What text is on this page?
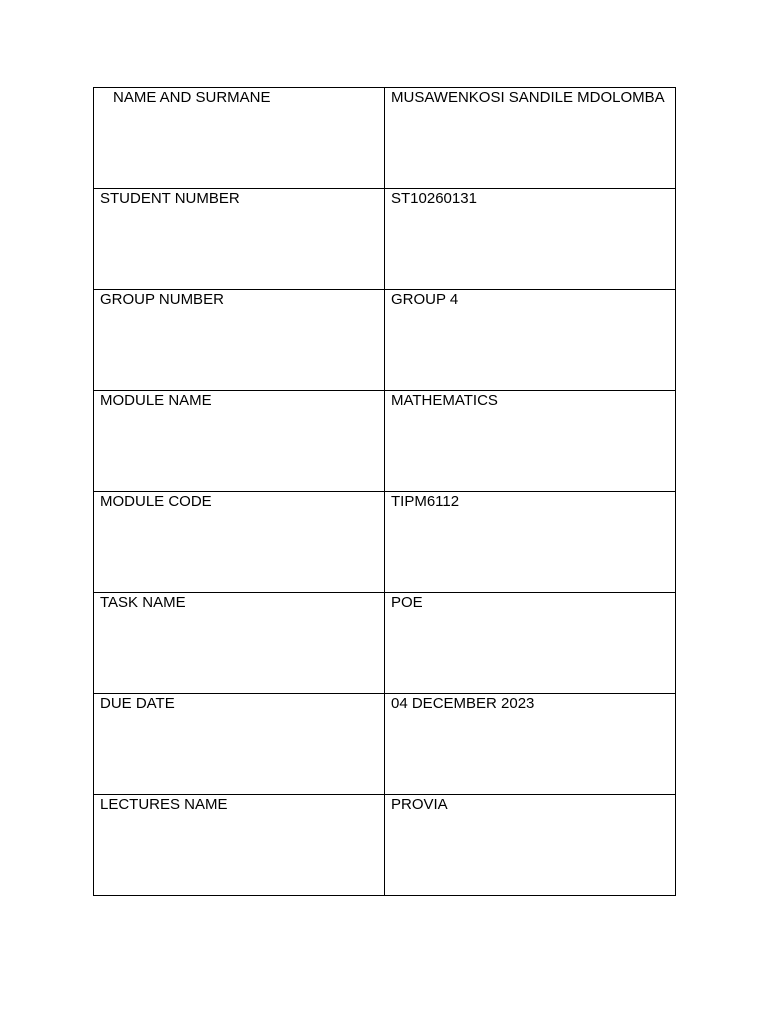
NAME AND SURMANE	MUSAWENKOSI SANDILE MDOLOMBA

STUDENT NUMBER	ST10260131

GROUP NUMBER	GROUP 4

MODULE NAME	MATHEMATICS

MODULE CODE	TIPM6112

TASK NAME	POE

DUE DATE	04 DECEMBER 2023

LECTURES NAME	PROVIA
